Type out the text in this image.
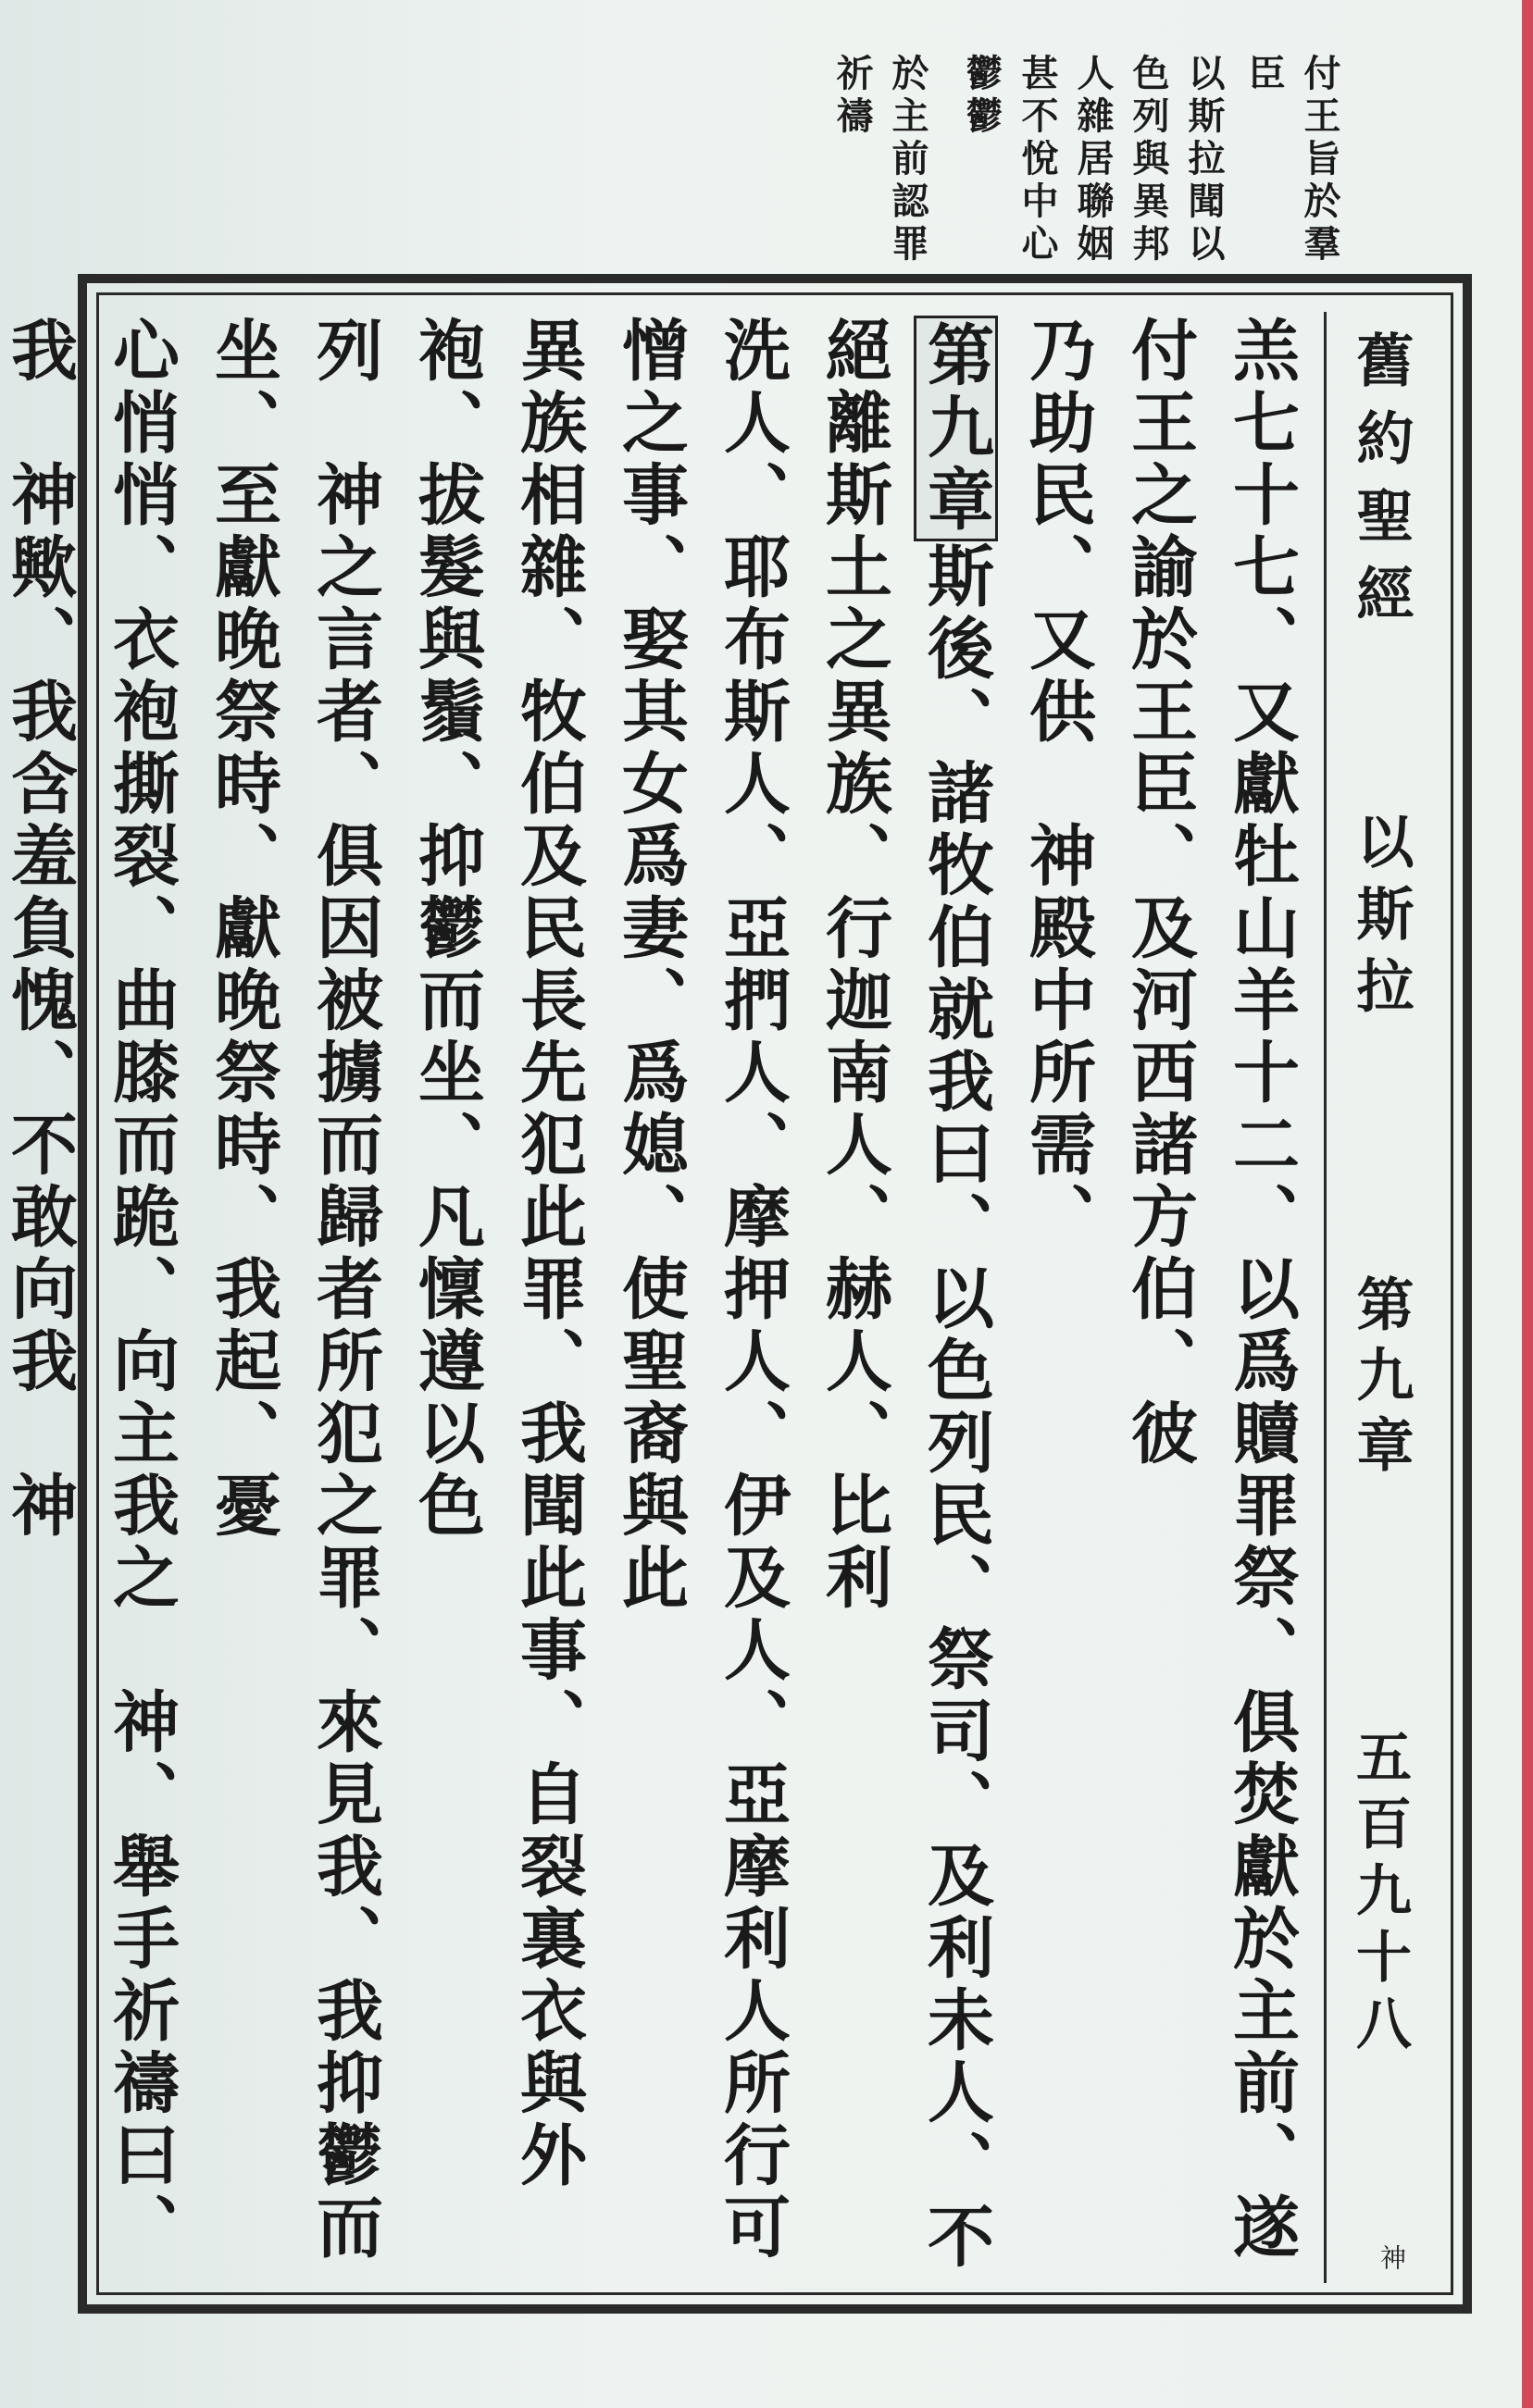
付王旨於羣
臣
以斯拉聞以
色列與異邦
人雜居聯姻
甚不悅中心
鬱鬱
於主前認罪
祈禱
舊約聖經
以斯拉
第九章
五百九十八
神
羔七十七、又獻牡山羊十二、以爲贖罪祭、俱焚獻於主前、遂付王之諭於王臣、及河西諸方伯、彼
乃助民、又供　神殿中所需、
第九章斯後、諸牧伯就我曰、以色列民、祭司、及利未人、不絕離斯土之異族、行迦南人、赫人、比利
洗人、耶布斯人、亞捫人、摩押人、伊及人、亞摩利人所行可憎之事、娶其女爲妻、爲媳、使聖裔與此
異族相雜、牧伯及民長先犯此罪、我聞此事、自裂裏衣與外袍、拔髮與鬚、抑鬱而坐、凡懍遵以色
列　神之言者、俱因被擄而歸者所犯之罪、來見我、我抑鬱而坐、至獻晚祭時、獻晚祭時、我起、憂
心悄悄、衣袍撕裂、曲膝而跪、向主我之　神、舉手祈禱曰、我　神歟、我含羞負愧、不敢向我　神
